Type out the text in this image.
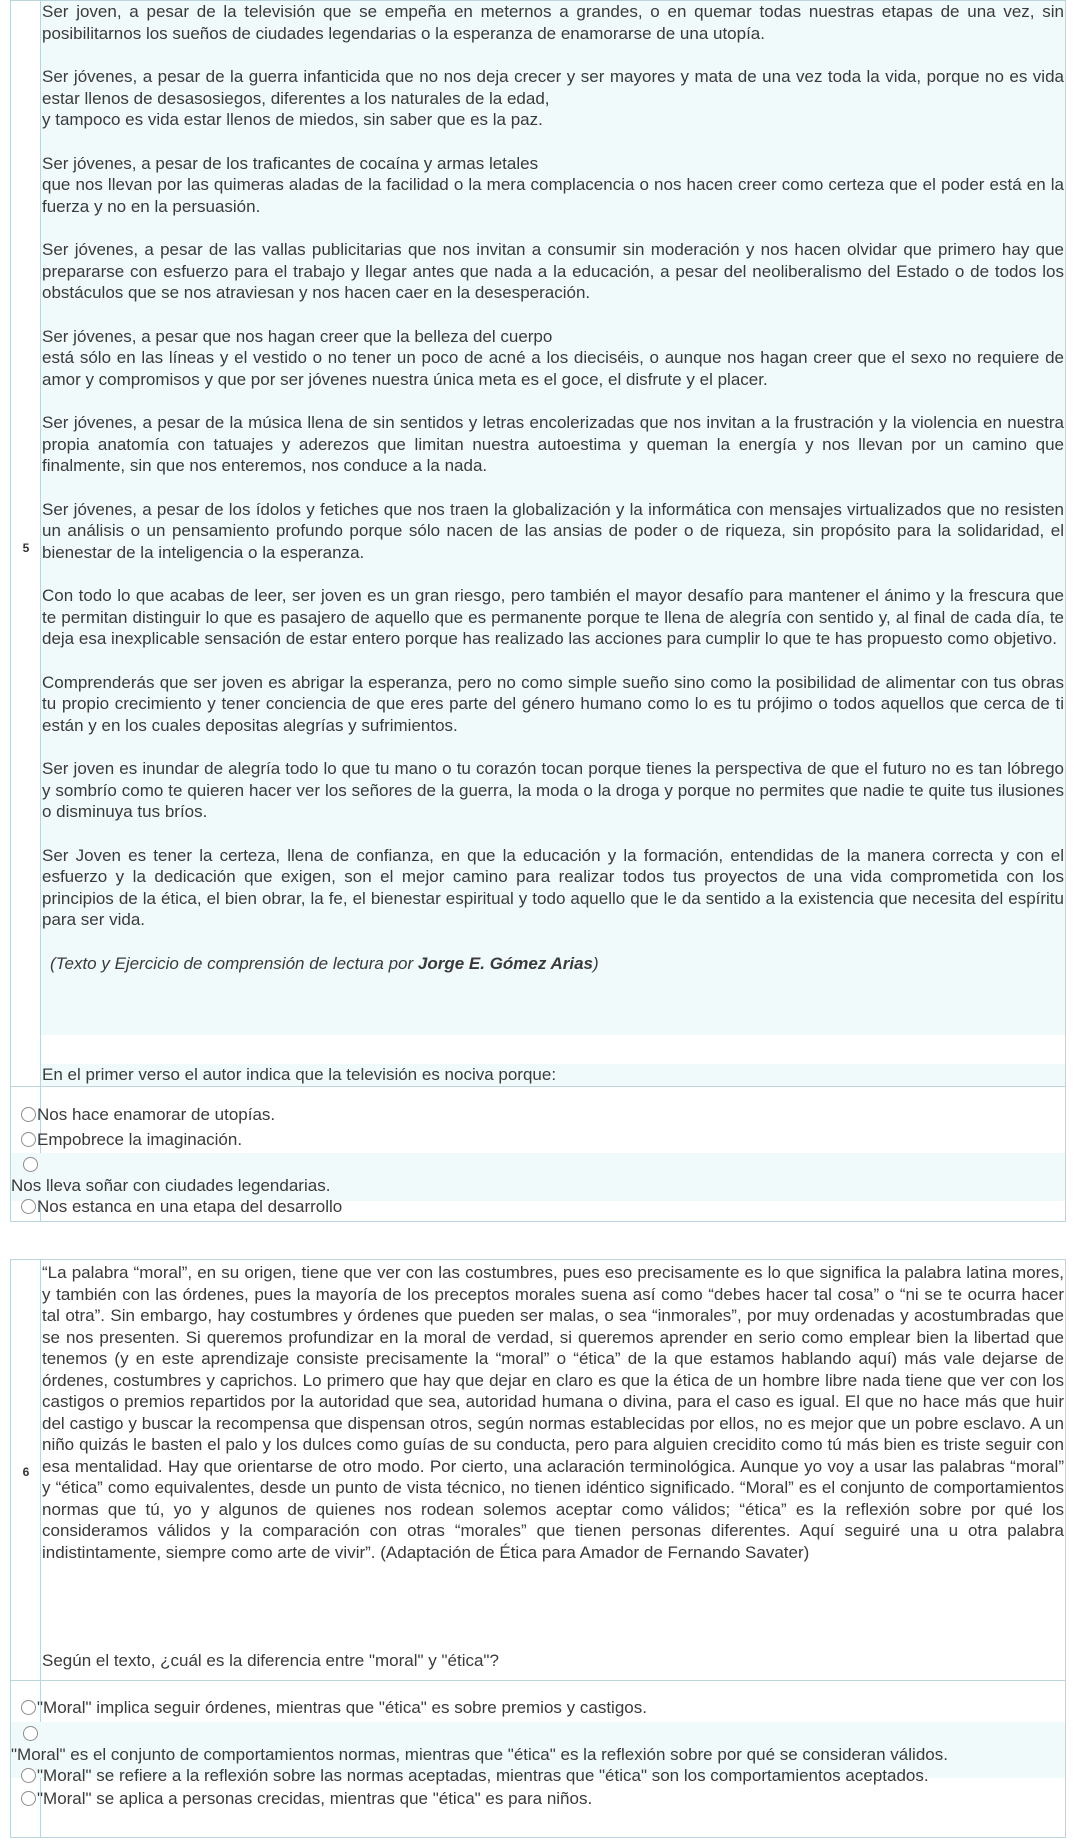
5

Ser joven, a pesar de la televisión que se empeña en meternos a grandes, o en quemar todas nuestras etapas de una vez, sin posibilitarnos los sueños de ciudades legendarias o la esperanza de enamorarse de una utopía.

Ser jóvenes, a pesar de la guerra infanticida que no nos deja crecer y ser mayores y mata de una vez toda la vida, porque no es vida estar llenos de desasosiegos, diferentes a los naturales de la edad,
y tampoco es vida estar llenos de miedos, sin saber que es la paz.

Ser jóvenes, a pesar de los traficantes de cocaína y armas letales
que nos llevan por las quimeras aladas de la facilidad o la mera complacencia o nos hacen creer como certeza que el poder está en la fuerza y no en la persuasión.

Ser jóvenes, a pesar de las vallas publicitarias que nos invitan a consumir sin moderación y nos hacen olvidar que primero hay que prepararse con esfuerzo para el trabajo y llegar antes que nada a la educación, a pesar del neoliberalismo del Estado o de todos los obstáculos que se nos atraviesan y nos hacen caer en la desesperación.

Ser jóvenes, a pesar que nos hagan creer que la belleza del cuerpo
está sólo en las líneas y el vestido o no tener un poco de acné a los dieciséis, o aunque nos hagan creer que el sexo no requiere de amor y compromisos y que por ser jóvenes nuestra única meta es el goce, el disfrute y el placer.

Ser jóvenes, a pesar de la música llena de sin sentidos y letras encolerizadas que nos invitan a la frustración y la violencia en nuestra propia anatomía con tatuajes y aderezos que limitan nuestra autoestima y queman la energía y nos llevan por un camino que finalmente, sin que nos enteremos, nos conduce a la nada.

Ser jóvenes, a pesar de los ídolos y fetiches que nos traen la globalización y la informática con mensajes virtualizados que no resisten un análisis o un pensamiento profundo porque sólo nacen de las ansias de poder o de riqueza, sin propósito para la solidaridad, el bienestar de la inteligencia o la esperanza.

Con todo lo que acabas de leer, ser joven es un gran riesgo, pero también el mayor desafío para mantener el ánimo y la frescura que te permitan distinguir lo que es pasajero de aquello que es permanente porque te llena de alegría con sentido y, al final de cada día, te deja esa inexplicable sensación de estar entero porque has realizado las acciones para cumplir lo que te has propuesto como objetivo.

Comprenderás que ser joven es abrigar la esperanza, pero no como simple sueño sino como la posibilidad de alimentar con tus obras tu propio crecimiento y tener conciencia de que eres parte del género humano como lo es tu prójimo o todos aquellos que cerca de ti están y en los cuales depositas alegrías y sufrimientos.

Ser joven es inundar de alegría todo lo que tu mano o tu corazón tocan porque tienes la perspectiva de que el futuro no es tan lóbrego y sombrío como te quieren hacer ver los señores de la guerra, la moda o la droga y porque no permites que nadie te quite tus ilusiones o disminuya tus bríos.

Ser Joven es tener la certeza, llena de confianza, en que la educación y la formación, entendidas de la manera correcta y con el esfuerzo y la dedicación que exigen, son el mejor camino para realizar todos tus proyectos de una vida comprometida con los principios de la ética, el bien obrar, la fe, el bienestar espiritual y todo aquello que le da sentido a la existencia que necesita del espíritu para ser vida.

(Texto y Ejercicio de comprensión de lectura por Jorge E. Gómez Arias)

En el primer verso el autor indica que la televisión es nociva porque:
Nos hace enamorar de utopías.
Empobrece la imaginación.
Nos lleva soñar con ciudades legendarias.
Nos estanca en una etapa del desarrollo
6

“La palabra “moral”, en su origen, tiene que ver con las costumbres, pues eso precisamente es lo que significa la palabra latina mores, y también con las órdenes, pues la mayoría de los preceptos morales suena así como “debes hacer tal cosa” o “ni se te ocurra hacer tal otra”. Sin embargo, hay costumbres y órdenes que pueden ser malas, o sea “inmorales”, por muy ordenadas y acostumbradas que se nos presenten. Si queremos profundizar en la moral de verdad, si queremos aprender en serio como emplear bien la libertad que tenemos (y en este aprendizaje consiste precisamente la “moral” o “ética” de la que estamos hablando aquí) más vale dejarse de órdenes, costumbres y caprichos. Lo primero que hay que dejar en claro es que la ética de un hombre libre nada tiene que ver con los castigos o premios repartidos por la autoridad que sea, autoridad humana o divina, para el caso es igual. El que no hace más que huir del castigo y buscar la recompensa que dispensan otros, según normas establecidas por ellos, no es mejor que un pobre esclavo. A un niño quizás le basten el palo y los dulces como guías de su conducta, pero para alguien crecidito como tú más bien es triste seguir con esa mentalidad. Hay que orientarse de otro modo. Por cierto, una aclaración terminológica. Aunque yo voy a usar las palabras “moral” y “ética” como equivalentes, desde un punto de vista técnico, no tienen idéntico significado. “Moral” es el conjunto de comportamientos normas que tú, yo y algunos de quienes nos rodean solemos aceptar como válidos; “ética” es la reflexión sobre por qué los consideramos válidos y la comparación con otras “morales” que tienen personas diferentes. Aquí seguiré una u otra palabra indistintamente, siempre como arte de vivir”. (Adaptación de Ética para Amador de Fernando Savater)

Según el texto, ¿cuál es la diferencia entre "moral" y "ética"?
"Moral" implica seguir órdenes, mientras que "ética" es sobre premios y castigos.
"Moral" es el conjunto de comportamientos normas, mientras que "ética" es la reflexión sobre por qué se consideran válidos.
"Moral" se refiere a la reflexión sobre las normas aceptadas, mientras que "ética" son los comportamientos aceptados.
"Moral" se aplica a personas crecidas, mientras que "ética" es para niños.
